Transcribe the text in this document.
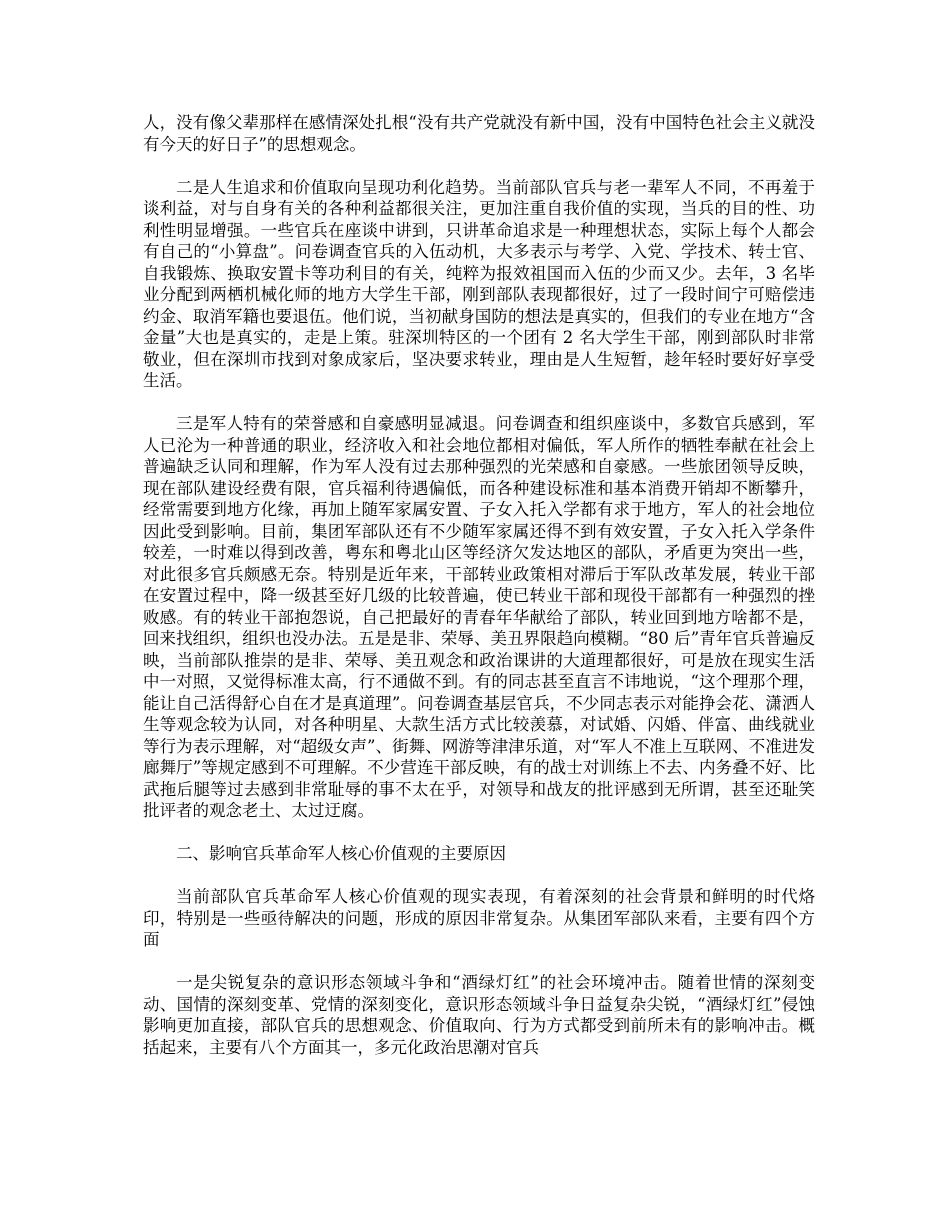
人，没有像父辈那样在感情深处扎根“没有共产党就没有新中国，没有中国特色社会主义就没有今天的好日子”的思想观念。

二是人生追求和价值取向呈现功利化趋势。当前部队官兵与老一辈军人不同，不再羞于谈利益，对与自身有关的各种利益都很关注，更加注重自我价值的实现，当兵的目的性、功利性明显增强。一些官兵在座谈中讲到，只讲革命追求是一种理想状态，实际上每个人都会有自己的“小算盘”。问卷调查官兵的入伍动机，大多表示与考学、入党、学技术、转士官、自我锻炼、换取安置卡等功利目的有关，纯粹为报效祖国而入伍的少而又少。去年，3 名毕业分配到两栖机械化师的地方大学生干部，刚到部队表现都很好，过了一段时间宁可赔偿违约金、取消军籍也要退伍。他们说，当初献身国防的想法是真实的，但我们的专业在地方“含金量”大也是真实的，走是上策。驻深圳特区的一个团有 2 名大学生干部，刚到部队时非常敬业，但在深圳市找到对象成家后，坚决要求转业，理由是人生短暂，趁年轻时要好好享受生活。

三是军人特有的荣誉感和自豪感明显减退。问卷调查和组织座谈中，多数官兵感到，军人已沦为一种普通的职业，经济收入和社会地位都相对偏低，军人所作的牺牲奉献在社会上普遍缺乏认同和理解，作为军人没有过去那种强烈的光荣感和自豪感。一些旅团领导反映，现在部队建设经费有限，官兵福利待遇偏低，而各种建设标准和基本消费开销却不断攀升，经常需要到地方化缘，再加上随军家属安置、子女入托入学都有求于地方，军人的社会地位因此受到影响。目前，集团军部队还有不少随军家属还得不到有效安置，子女入托入学条件较差，一时难以得到改善，粤东和粤北山区等经济欠发达地区的部队，矛盾更为突出一些，对此很多官兵颇感无奈。特别是近年来，干部转业政策相对滞后于军队改革发展，转业干部在安置过程中，降一级甚至好几级的比较普遍，使已转业干部和现役干部都有一种强烈的挫败感。有的转业干部抱怨说，自己把最好的青春年华献给了部队，转业回到地方啥都不是，回来找组织，组织也没办法。五是是非、荣辱、美丑界限趋向模糊。“80 后”青年官兵普遍反映，当前部队推崇的是非、荣辱、美丑观念和政治课讲的大道理都很好，可是放在现实生活中一对照，又觉得标准太高，行不通做不到。有的同志甚至直言不讳地说，“这个理那个理，能让自己活得舒心自在才是真道理”。问卷调查基层官兵，不少同志表示对能挣会花、潇洒人生等观念较为认同，对各种明星、大款生活方式比较羡慕，对试婚、闪婚、伴富、曲线就业等行为表示理解，对“超级女声”、街舞、网游等津津乐道，对“军人不准上互联网、不准进发廊舞厅”等规定感到不可理解。不少营连干部反映，有的战士对训练上不去、内务叠不好、比武拖后腿等过去感到非常耻辱的事不太在乎，对领导和战友的批评感到无所谓，甚至还耻笑批评者的观念老土、太过迂腐。

二、影响官兵革命军人核心价值观的主要原因

当前部队官兵革命军人核心价值观的现实表现，有着深刻的社会背景和鲜明的时代烙印，特别是一些亟待解决的问题，形成的原因非常复杂。从集团军部队来看，主要有四个方面

一是尖锐复杂的意识形态领域斗争和“酒绿灯红”的社会环境冲击。随着世情的深刻变动、国情的深刻变革、党情的深刻变化，意识形态领域斗争日益复杂尖锐，“酒绿灯红”侵蚀影响更加直接，部队官兵的思想观念、价值取向、行为方式都受到前所未有的影响冲击。概括起来，主要有八个方面其一，多元化政治思潮对官兵
